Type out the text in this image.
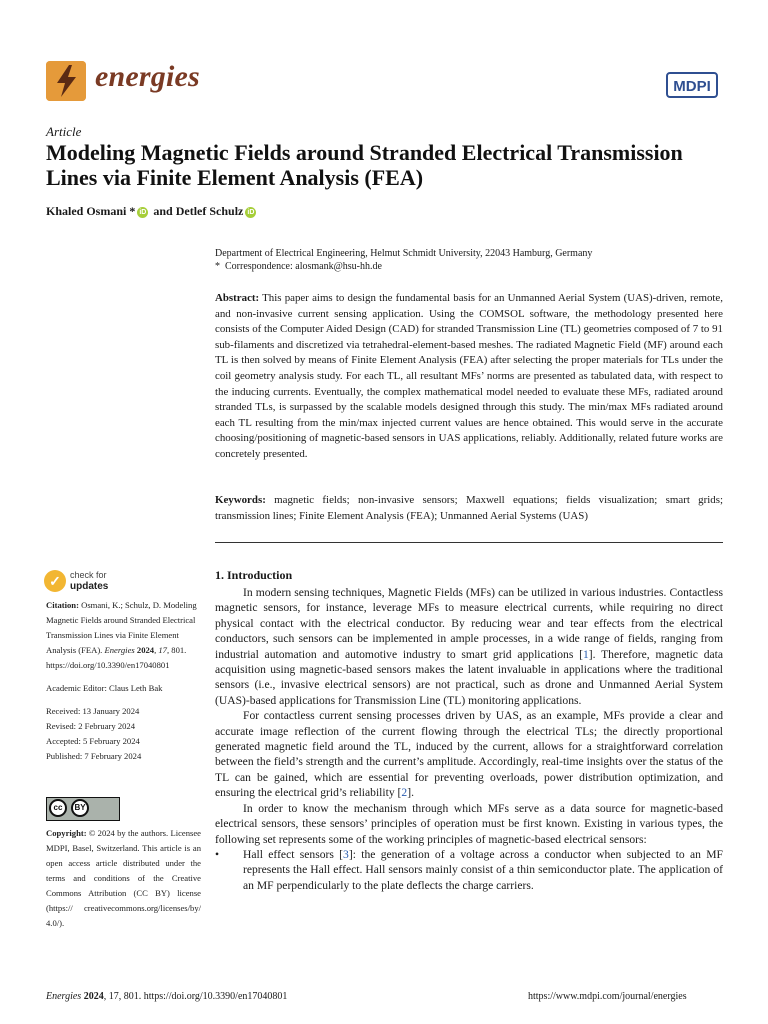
energies	MDPI
Article
Modeling Magnetic Fields around Stranded Electrical Transmission Lines via Finite Element Analysis (FEA)
Khaled Osmani * iD and Detlef Schulz iD
Department of Electrical Engineering, Helmut Schmidt University, 22043 Hamburg, Germany
*  Correspondence: alosmank@hsu-hh.de
Abstract: This paper aims to design the fundamental basis for an Unmanned Aerial System (UAS)-driven, remote, and non-invasive current sensing application. Using the COMSOL software, the methodology presented here consists of the Computer Aided Design (CAD) for stranded Transmission Line (TL) geometries composed of 7 to 91 sub-filaments and discretized via tetrahedral-element-based meshes. The radiated Magnetic Field (MF) around each TL is then solved by means of Finite Element Analysis (FEA) after selecting the proper materials for TLs under the coil geometry analysis study. For each TL, all resultant MFs’ norms are presented as tabulated data, with respect to the inducing currents. Eventually, the complex mathematical model needed to evaluate these MFs, radiated around stranded TLs, is surpassed by the scalable models designed through this study. The min/max MFs radiated around each TL resulting from the min/max injected current values are hence obtained. This would serve in the accurate choosing/positioning of magnetic-based sensors in UAS applications, reliably. Additionally, related future works are concretely presented.
Keywords: magnetic fields; non-invasive sensors; Maxwell equations; fields visualization; smart grids; transmission lines; Finite Element Analysis (FEA); Unmanned Aerial Systems (UAS)
✓	check for
updates

Citation: Osmani, K.; Schulz, D. Modeling Magnetic Fields around Stranded Electrical Transmission Lines via Finite Element Analysis (FEA). Energies 2024, 17, 801. https://doi.org/10.3390/en17040801

Academic Editor: Claus Leth Bak

Received: 13 January 2024

Revised: 2 February 2024

Accepted: 5 February 2024

Published: 7 February 2024

cc	BY
Copyright: © 2024 by the authors. Licensee MDPI, Basel, Switzerland. This article is an open access article distributed under the terms and conditions of the Creative Commons Attribution (CC BY) license (https:// creativecommons.org/licenses/by/ 4.0/).
1. Introduction

In modern sensing techniques, Magnetic Fields (MFs) can be utilized in various industries. Contactless magnetic sensors, for instance, leverage MFs to measure electrical currents, while requiring no direct physical contact with the electrical conductor. By reducing wear and tear effects from the electrical conductors, such sensors can be implemented in ample processes, in a wide range of fields, ranging from industrial automation and automotive industry to smart grid applications [1]. Therefore, magnetic data acquisition using magnetic-based sensors makes the latent invaluable in applications where the traditional sensors (i.e., invasive electrical sensors) are not practical, such as drone and Unmanned Aerial System (UAS)-based applications for Transmission Line (TL) monitoring applications.

For contactless current sensing processes driven by UAS, as an example, MFs provide a clear and accurate image reflection of the current flowing through the electrical TLs; the directly proportional generated magnetic field around the TL, induced by the current, allows for a straightforward correlation between the field’s strength and the current’s amplitude. Accordingly, real-time insights over the status of the TL can be gained, which are essential for preventing overloads, power distribution optimization, and ensuring the electrical grid’s reliability [2].

In order to know the mechanism through which MFs serve as a data source for magnetic-based electrical sensors, these sensors’ principles of operation must be first known. Existing in various types, the following set represents some of the working principles of magnetic-based electrical sensors:

• Hall effect sensors [3]: the generation of a voltage across a conductor when subjected to an MF represents the Hall effect. Hall sensors mainly consist of a thin semiconductor plate. The application of an MF perpendicularly to the plate deflects the charge carriers.

Energies 2024, 17, 801. https://doi.org/10.3390/en17040801	https://www.mdpi.com/journal/energies
